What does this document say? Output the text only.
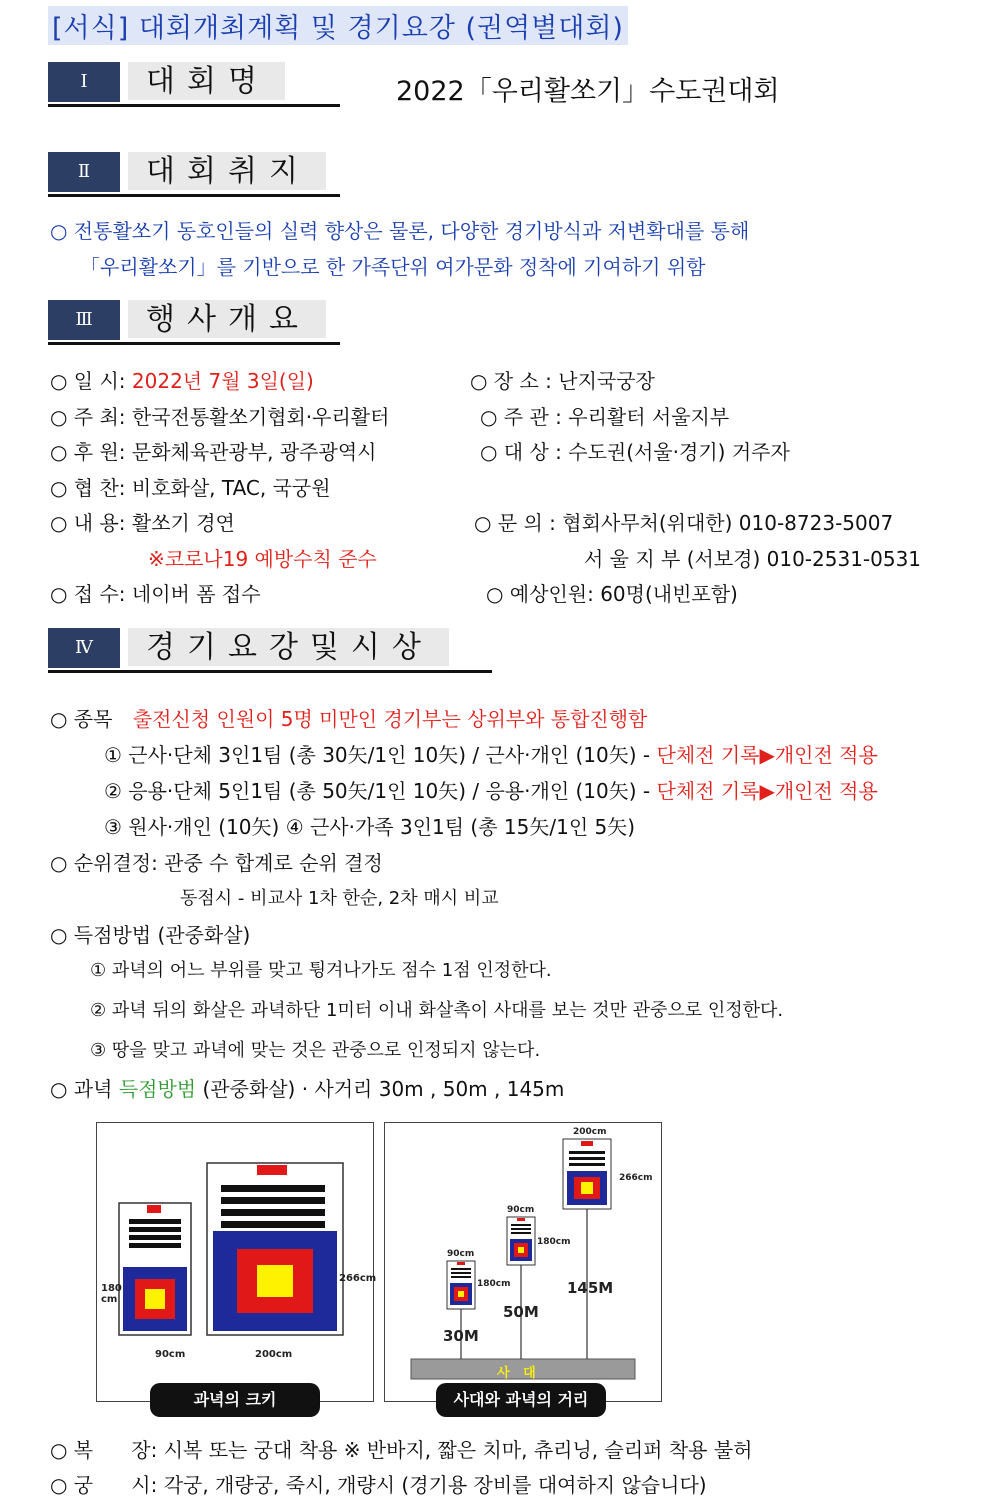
[서식] 대회개최계획 및 경기요강 (권역별대회)
Ⅰ	대회명	2022「우리활쏘기」수도권대회
Ⅱ	대회취지
○ 전통활쏘기 동호인들의 실력 향상은 물론, 다양한 경기방식과 저변확대를 통해
「우리활쏘기」를 기반으로 한 가족단위 여가문화 정착에 기여하기 위함
Ⅲ	행사개요
○ 일 시: 2022년 7월 3일(일)	○ 장 소 : 난지국궁장
○ 주 최: 한국전통활쏘기협회·우리활터	○ 주 관 : 우리활터 서울지부
○ 후 원: 문화체육관광부, 광주광역시	○ 대 상 : 수도권(서울·경기) 거주자
○ 협 찬: 비호화살, TAC, 국궁원
○ 내 용: 활쏘기 경연	○ 문 의 : 협회사무처(위대한) 010-8723-5007
※코로나19 예방수칙 준수	서 울 지 부 (서보경) 010-2531-0531
○ 접 수: 네이버 폼 접수	○ 예상인원: 60명(내빈포함)
Ⅳ	경기요강및시상
○ 종목 출전신청 인원이 5명 미만인 경기부는 상위부와 통합진행함
① 근사·단체 3인1팀 (총 30矢/1인 10矢) / 근사·개인 (10矢) - 단체전 기록▶개인전 적용
② 응용·단체 5인1팀 (총 50矢/1인 10矢) / 응용·개인 (10矢) - 단체전 기록▶개인전 적용
③ 원사·개인 (10矢) ④ 근사·가족 3인1팀 (총 15矢/1인 5矢)
○ 순위결정: 관중 수 합계로 순위 결정
동점시 - 비교사 1차 한순, 2차 매시 비교
○ 득점방법 (관중화살)
① 과녁의 어느 부위를 맞고 튕겨나가도 점수 1점 인정한다.
② 과녁 뒤의 화살은 과녁하단 1미터 이내 화살촉이 사대를 보는 것만 관중으로 인정한다.
③ 땅을 맞고 과녁에 맞는 것은 관중으로 인정되지 않는다.
○ 과녁 득점방범 (관중화살) · 사거리 30m , 50m , 145m
180
cm
90cm
266cm
200cm
과녁의 크키
90cm
180cm
30M
90cm
180cm
50M
200cm
266cm
145M
사   대
사대와 과녁의 거리
○ 복      장: 시복 또는 궁대 착용 ※ 반바지, 짧은 치마, 츄리닝, 슬리퍼 착용 불허
○ 궁      시: 각궁, 개량궁, 죽시, 개량시 (경기용 장비를 대여하지 않습니다)
